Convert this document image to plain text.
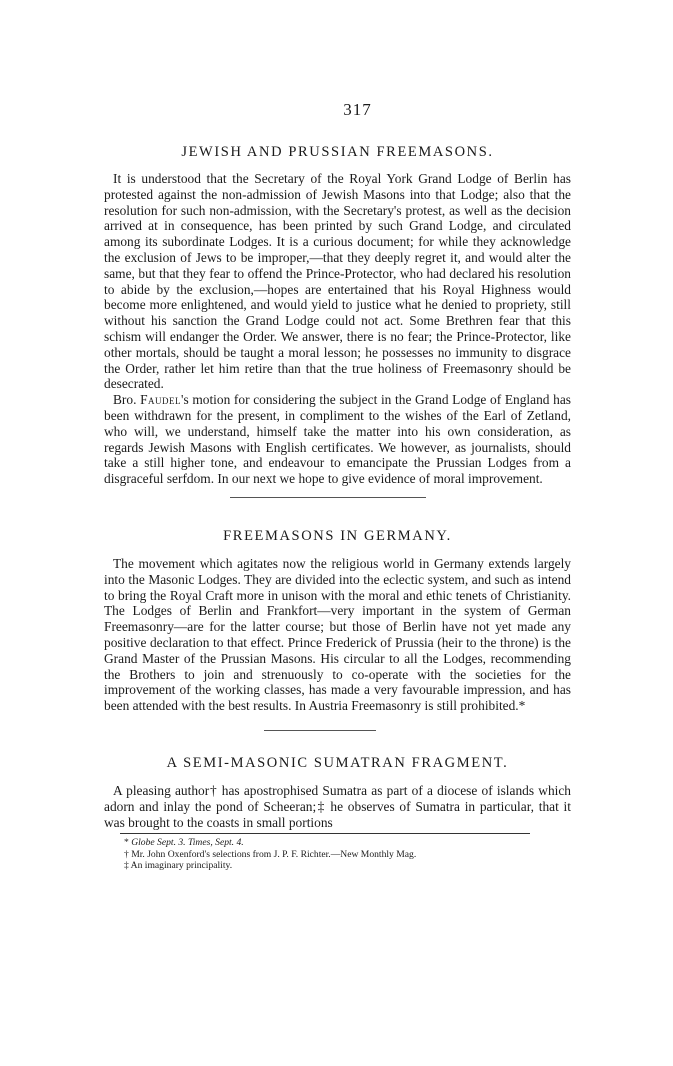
317
JEWISH AND PRUSSIAN FREEMASONS.

It is understood that the Secretary of the Royal York Grand Lodge of Berlin has protested against the non-admission of Jewish Masons into that Lodge; also that the resolution for such non-admission, with the Secretary's protest, as well as the decision arrived at in consequence, has been printed by such Grand Lodge, and circulated among its subordinate Lodges. It is a curious document; for while they acknowledge the exclusion of Jews to be improper,—that they deeply regret it, and would alter the same, but that they fear to offend the Prince-Protector, who had declared his resolution to abide by the exclusion,—hopes are entertained that his Royal Highness would become more enlightened, and would yield to justice what he denied to propriety, still without his sanction the Grand Lodge could not act. Some Brethren fear that this schism will endanger the Order. We answer, there is no fear; the Prince-Protector, like other mortals, should be taught a moral lesson; he possesses no immunity to disgrace the Order, rather let him retire than that the true holiness of Freemasonry should be desecrated.

Bro. Faudel's motion for considering the subject in the Grand Lodge of England has been withdrawn for the present, in compliment to the wishes of the Earl of Zetland, who will, we understand, himself take the matter into his own consideration, as regards Jewish Masons with English certificates. We however, as journalists, should take a still higher tone, and endeavour to emancipate the Prussian Lodges from a disgraceful serfdom. In our next we hope to give evidence of moral improvement.

FREEMASONS IN GERMANY.

The movement which agitates now the religious world in Germany extends largely into the Masonic Lodges. They are divided into the eclectic system, and such as intend to bring the Royal Craft more in unison with the moral and ethic tenets of Christianity. The Lodges of Berlin and Frankfort—very important in the system of German Freemasonry—are for the latter course; but those of Berlin have not yet made any positive declaration to that effect. Prince Frederick of Prussia (heir to the throne) is the Grand Master of the Prussian Masons. His circular to all the Lodges, recommending the Brothers to join and strenuously to co-operate with the societies for the improvement of the working classes, has made a very favourable impression, and has been attended with the best results. In Austria Freemasonry is still prohibited.*

A SEMI-MASONIC SUMATRAN FRAGMENT.

A pleasing author† has apostrophised Sumatra as part of a diocese of islands which adorn and inlay the pond of Scheeran;‡ he observes of Sumatra in particular, that it was brought to the coasts in small portions

* Globe Sept. 3. Times, Sept. 4.
† Mr. John Oxenford's selections from J. P. F. Richter.—New Monthly Mag.
‡ An imaginary principality.
